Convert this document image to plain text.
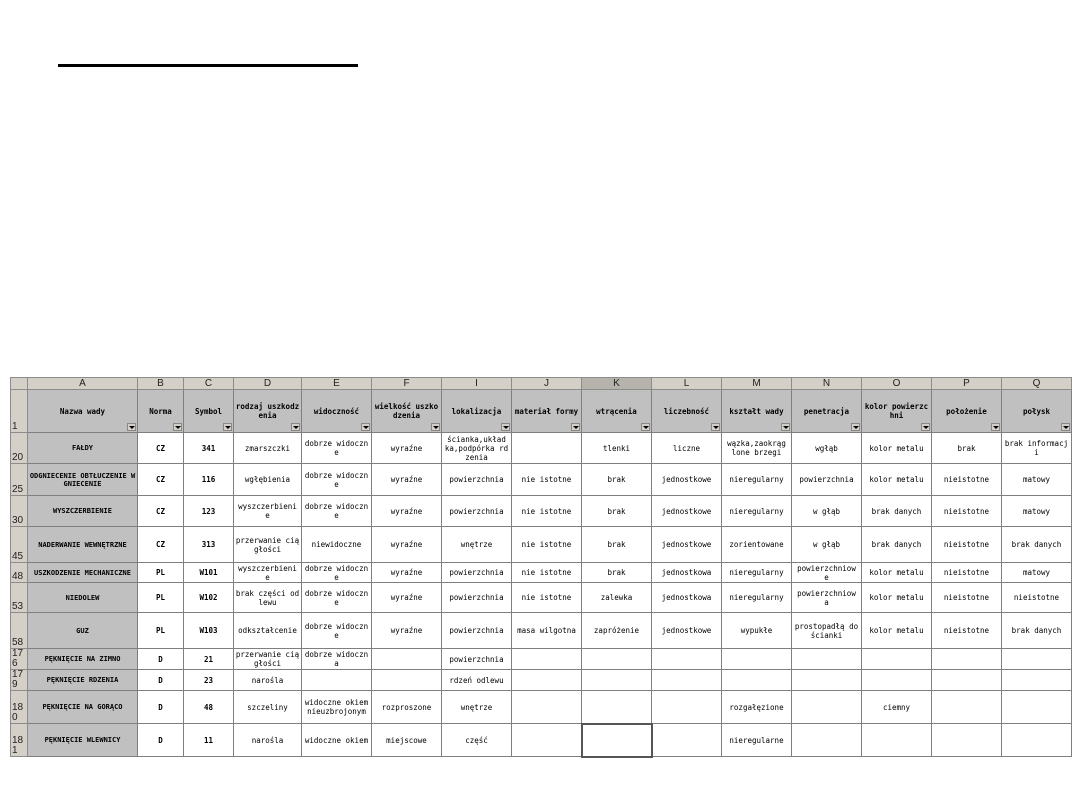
	A	B	C	D	E	F	I	J	K	L	M	N	O	P	Q
1	Nazwa wady	Norma	Symbol	rodzaj uszkodzenia	widoczność	wielkość uszkodzenia	lokalizacja	materiał formy	wtrącenia	liczebność	kształt wady	penetracja	kolor powierzchni	położenie	połysk

20	FAŁDY	CZ	341	zmarszczki	dobrze widoczne	wyraźne	ścianka,układ ka,podpórka rdzenia		tlenki	liczne	wązka,zaokrąg lone brzegi	wgłąb	kolor metalu	brak	brak informacji
25	ODGNIECENIE OBTŁUCZENIE WGNIECENIE	CZ	116	wgłębienia	dobrze widoczne	wyraźne	powierzchnia	nie istotne	brak	jednostkowe	nieregularny	powierzchnia	kolor metalu	nieistotne	matowy
30	WYSZCZERBIENIE	CZ	123	wyszczerbieni e	dobrze widoczne	wyraźne	powierzchnia	nie istotne	brak	jednostkowe	nieregularny	w głąb	brak danych	nieistotne	matowy
45	NADERWANIE WEWNĘTRZNE	CZ	313	przerwanie ciągłości	niewidoczne	wyraźne	wnętrze	nie istotne	brak	jednostkowe	zorientowane	w głąb	brak danych	nieistotne	brak danych
48	USZKODZENIE MECHANICZNE	PL	W101	wyszczerbieni e	dobrze widoczne	wyraźne	powierzchnia	nie istotne	brak	jednostkowa	nieregularny	powierzchniow e	kolor metalu	nieistotne	matowy
53	NIEDOLEW	PL	W102	brak części odlewu	dobrze widoczne	wyraźne	powierzchnia	nie istotne	zalewka	jednostkowa	nieregularny	powierzchniow a	kolor metalu	nieistotne	nieistotne
58	GUZ	PL	W103	odkształcenie	dobrze widoczne	wyraźne	powierzchnia	masa wilgotna	zapróżenie	jednostkowe	wypukłe	prostopadłą do ścianki	kolor metalu	nieistotne	brak danych
176	PĘKNIĘCIE NA ZIMNO	D	21	przerwanie ciągłości	dobrze widoczna		powierzchnia								
179	PĘKNIĘCIE RDZENIA	D	23	narośla			rdzeń odlewu								
180	PĘKNIĘCIE NA GORĄCO	D	48	szczeliny	widoczne okiem nieuzbrojonym	rozproszone	wnętrze				rozgałęzione		ciemny		
181	PĘKNIĘCIE WLEWNICY	D	11	narośla	widoczne okiem	miejscowe	część				nieregularne				
